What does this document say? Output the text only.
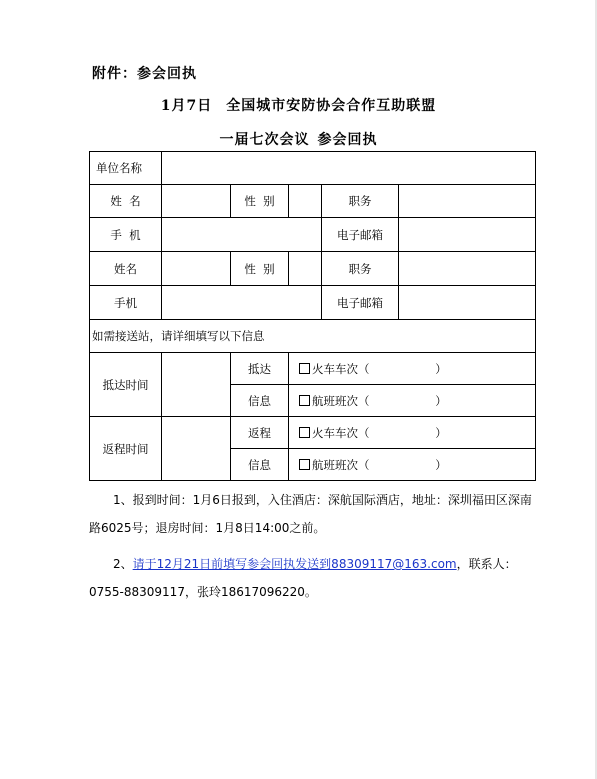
附件：参会回执
1月7日 全国城市安防协会合作互助联盟
一届七次会议 参会回执
单位名称					
姓  名		性  别		职务	
手  机				电子邮箱	
姓名		性  别		职务	
手机				电子邮箱	
如需接送站，请详细填写以下信息					
抵达时间		抵达	火车车次（                  ）		
		信息	航班班次（                  ）		
返程时间		返程	火车车次（                  ）		
		信息	航班班次（                  ）		
1、报到时间：1月6日报到，入住酒店：深航国际酒店，地址：深圳福田区深南路6025号；退房时间：1月8日14:00之前。
2、请于12月21日前填写参会回执发送到88309117@163.com，联系人：0755-88309117，张玲18617096220。
